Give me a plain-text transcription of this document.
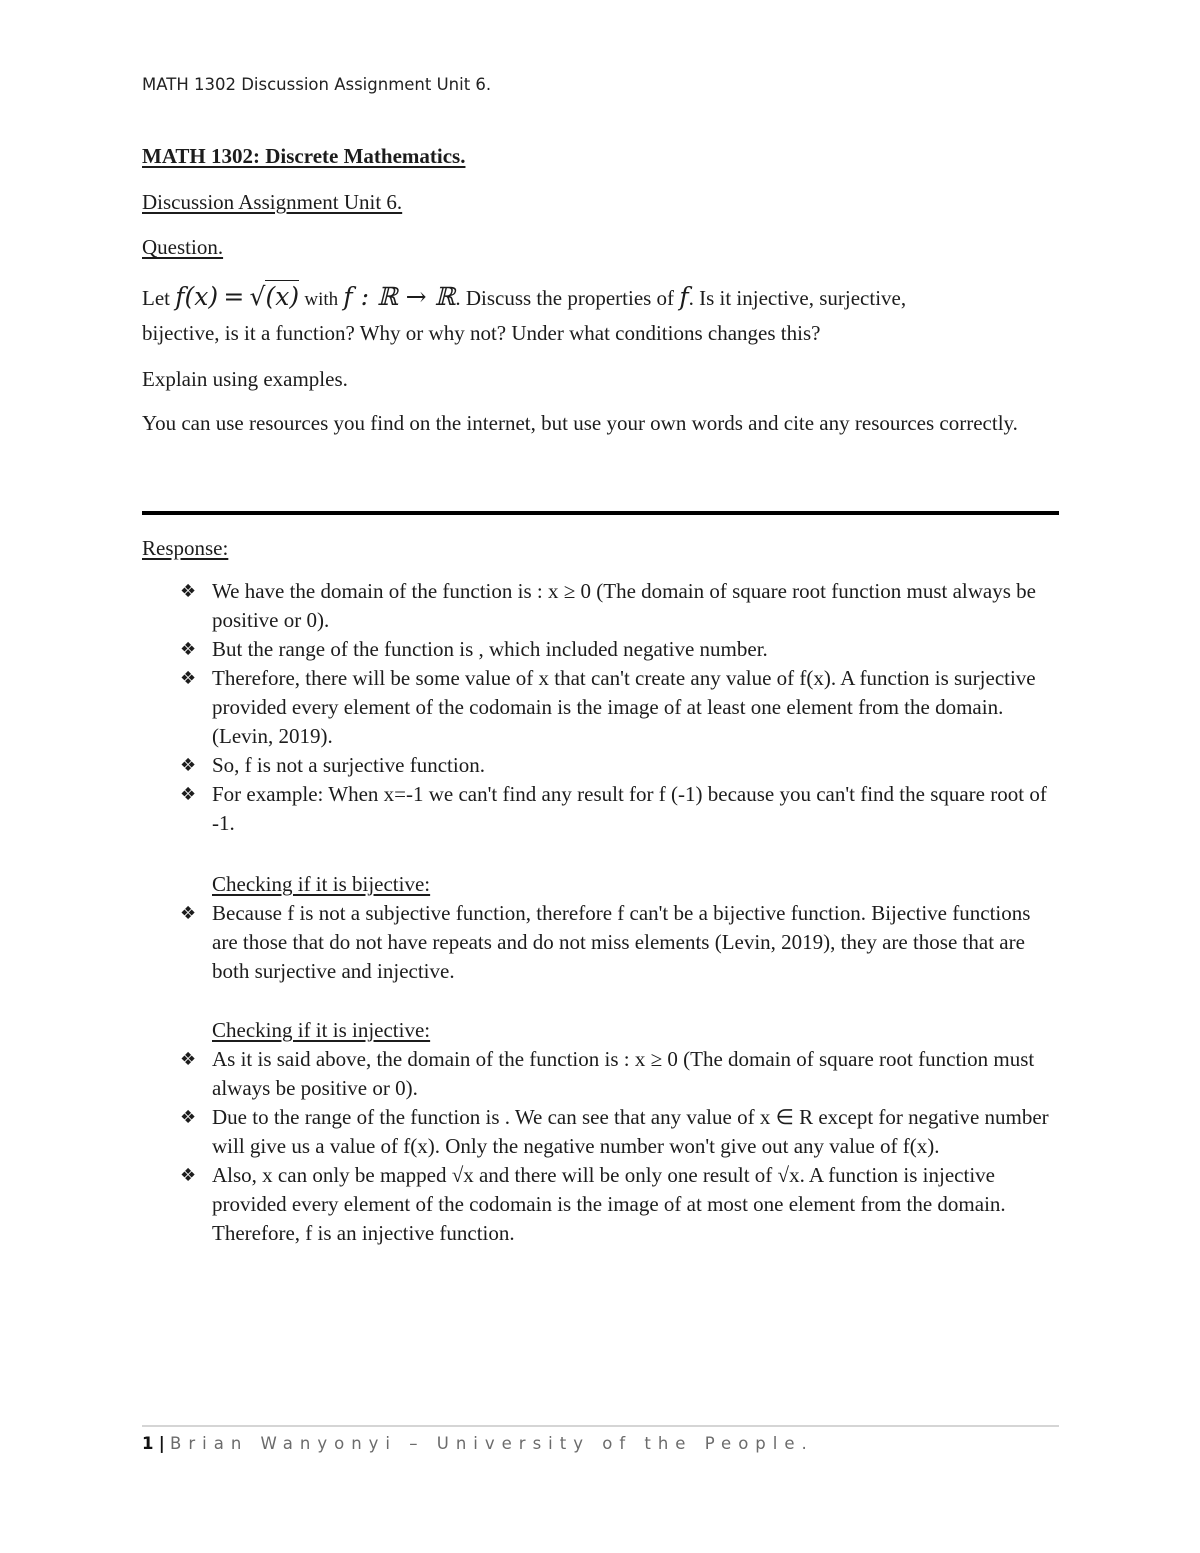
MATH 1302 Discussion Assignment Unit 6.
MATH 1302: Discrete Mathematics.
Discussion Assignment Unit 6.
Question.
Let f(x) = √(x) with f : ℝ → ℝ. Discuss the properties of f. Is it injective, surjective,
bijective, is it a function? Why or why not? Under what conditions changes this?
Explain using examples.
You can use resources you find on the internet, but use your own words and cite any resources correctly.
Response:
❖ We have the domain of the function is : x ≥ 0 (The domain of square root function must always be positive or 0).
❖ But the range of the function is , which included negative number.
❖ Therefore, there will be some value of x that can't create any value of f(x). A function is surjective provided every element of the codomain is the image of at least one element from the domain. (Levin, 2019).
❖ So, f is not a surjective function.
❖ For example: When x=-1 we can't find any result for f (-1) because you can't find the square root of -1.
Checking if it is bijective:
❖ Because f is not a subjective function, therefore f can't be a bijective function. Bijective functions are those that do not have repeats and do not miss elements (Levin, 2019), they are those that are both surjective and injective.
Checking if it is injective:
❖ As it is said above, the domain of the function is : x ≥ 0 (The domain of square root function must always be positive or 0).
❖ Due to the range of the function is . We can see that any value of x ∈ R except for negative number will give us a value of f(x). Only the negative number won't give out any value of f(x).
❖ Also, x can only be mapped √x and there will be only one result of √x. A function is injective provided every element of the codomain is the image of at most one element from the domain. Therefore, f is an injective function.
1 | Brian Wanyonyi – University of the People.
